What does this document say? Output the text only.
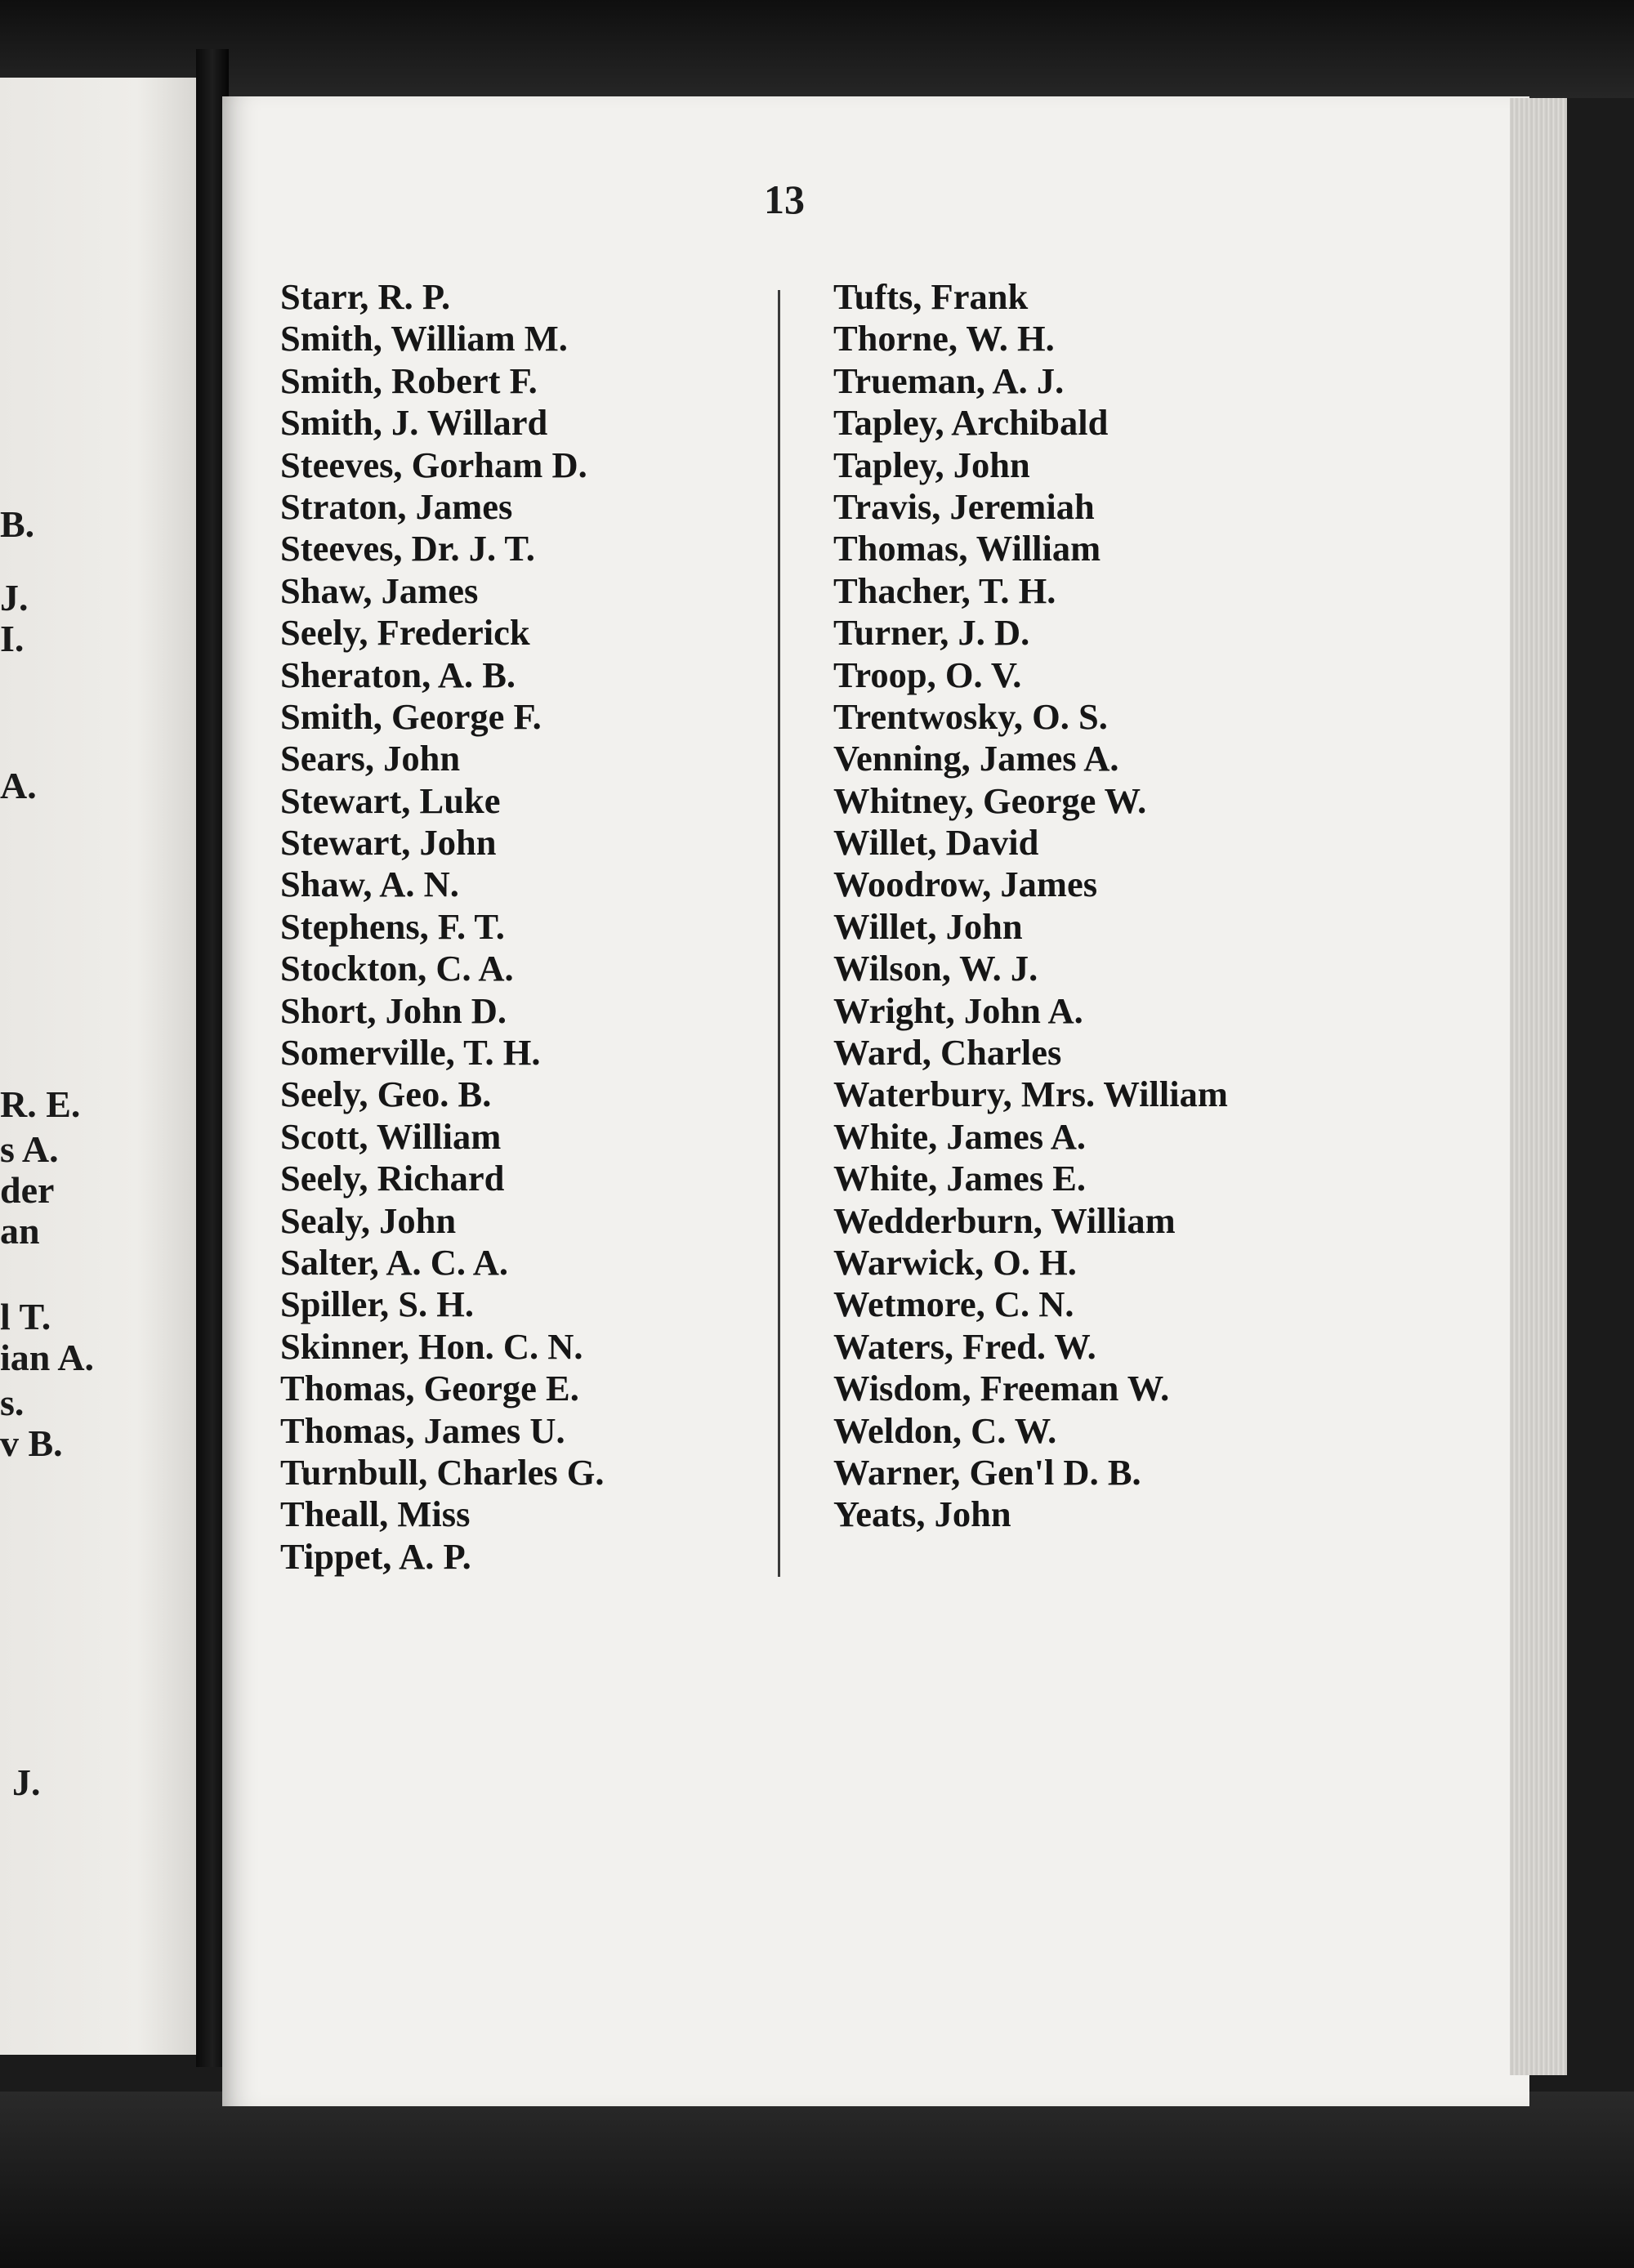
B.

J.

I.

A.

R. E.

s A.

der

an

l T.

ian A.

s.

v B.

J.

13

Starr, R. P.
Smith, William M.
Smith, Robert F.
Smith, J. Willard
Steeves, Gorham D.
Straton, James
Steeves, Dr. J. T.
Shaw, James
Seely, Frederick
Sheraton, A. B.
Smith, George F.
Sears, John
Stewart, Luke
Stewart, John
Shaw, A. N.
Stephens, F. T.
Stockton, C. A.
Short, John D.
Somerville, T. H.
Seely, Geo. B.
Scott, William
Seely, Richard
Sealy, John
Salter, A. C. A.
Spiller, S. H.
Skinner, Hon. C. N.
Thomas, George E.
Thomas, James U.
Turnbull, Charles G.
Theall, Miss
Tippet, A. P.
Tufts, Frank
Thorne, W. H.
Trueman, A. J.
Tapley, Archibald
Tapley, John
Travis, Jeremiah
Thomas, William
Thacher, T. H.
Turner, J. D.
Troop, O. V.
Trentwosky, O. S.
Venning, James A.
Whitney, George W.
Willet, David
Woodrow, James
Willet, John
Wilson, W. J.
Wright, John A.
Ward, Charles
Waterbury, Mrs. William
White, James A.
White, James E.
Wedderburn, William
Warwick, O. H.
Wetmore, C. N.
Waters, Fred. W.
Wisdom, Freeman W.
Weldon, C. W.
Warner, Gen'l D. B.
Yeats, John
